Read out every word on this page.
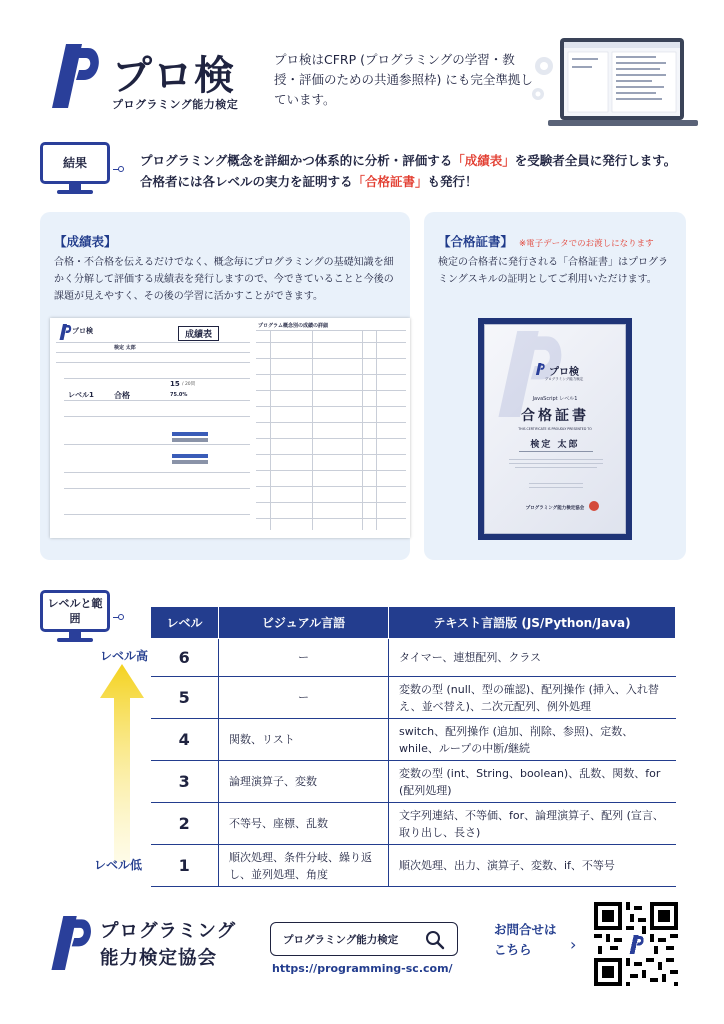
プロ検
プログラミング能力検定
プロ検はCFRP (プログラミングの学習・教授・評価のための共通参照枠) にも完全準拠しています。
結果	プログラミング概念を詳細かつ体系的に分析・評価する「成績表」を受験者全員に発行します。
合格者には各レベルの実力を証明する「合格証書」も発行！
【成績表】
合格・不合格を伝えるだけでなく、概念毎にプログラミングの基礎知識を細かく分解して評価する成績表を発行しますので、今できていることと今後の課題が見えやすく、その後の学習に活かすことができます。
プロ検	成績表
検定 太郎
レベル1	合格
15 / 20問
75.0%
プログラム概念別の成績の詳細
【合格証書】 ※電子データでのお渡しになります
検定の合格者に発行される「合格証書」はプログラミングスキルの証明としてご利用いただけます。
プロ検
プログラミング能力検定
JavaScript レベル1
合格証書
THIS CERTIFICATE IS PROUDLY PRESENTED TO
検定 太郎
プログラミング能力検定協会
レベルと範囲
レベル高
レベル低
レベル	ビジュアル言語	テキスト言語版 (JS/Python/Java)
6	ー	タイマー、連想配列、クラス
5	ー	変数の型 (null、型の確認)、配列操作 (挿入、入れ替え、並べ替え)、二次元配列、例外処理
4	関数、リスト	switch、配列操作 (追加、削除、参照)、定数、while、ループの中断/継続
3	論理演算子、変数	変数の型 (int、String、boolean)、乱数、関数、for (配列処理)
2	不等号、座標、乱数	文字列連結、不等価、for、論理演算子、配列 (宣言、取り出し、長さ)
1	順次処理、条件分岐、繰り返し、並列処理、角度	順次処理、出力、演算子、変数、if、不等号
プログラミング
能力検定協会
プログラミング能力検定
https://programming-sc.com/
お問合せは
こちら	›
